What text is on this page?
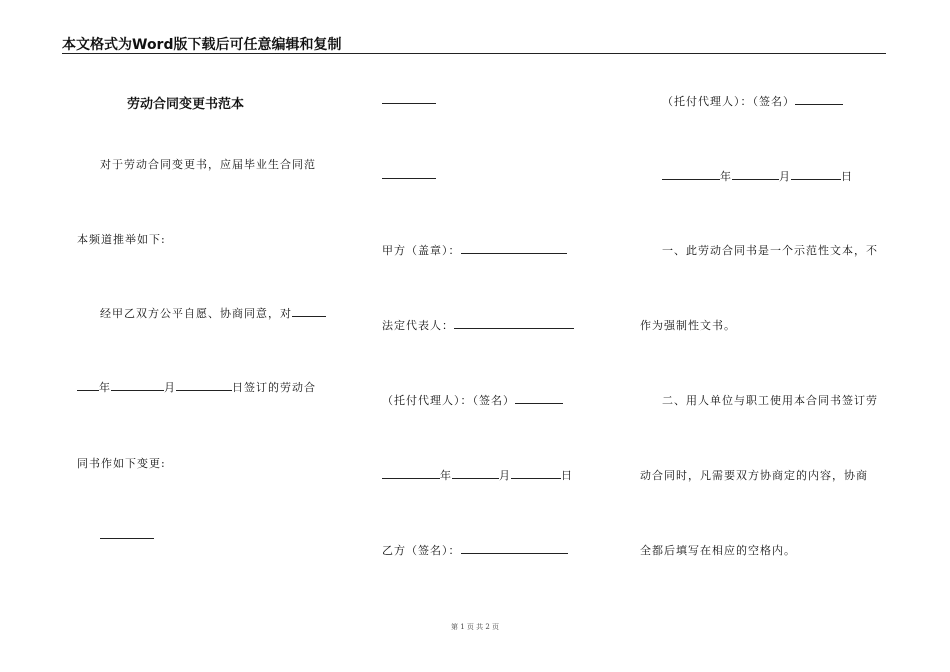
本文格式为Word版下载后可任意编辑和复制
劳动合同变更书范本
对于劳动合同变更书，应届毕业生合同范
本频道推举如下:
经甲乙双方公平自愿、协商同意，对
年	月	日签订的劳动合
同书作如下变更:
甲方（盖章）：
法定代表人：
（托付代理人）：（签名）
年	月	日
乙方（签名）：
（托付代理人）：（签名）
年	月	日
一、此劳动合同书是一个示范性文本，不
作为强制性文书。
二、用人单位与职工使用本合同书签订劳
动合同时，凡需要双方协商定的内容，协商
全都后填写在相应的空格内。
第 1 页 共 2 页
